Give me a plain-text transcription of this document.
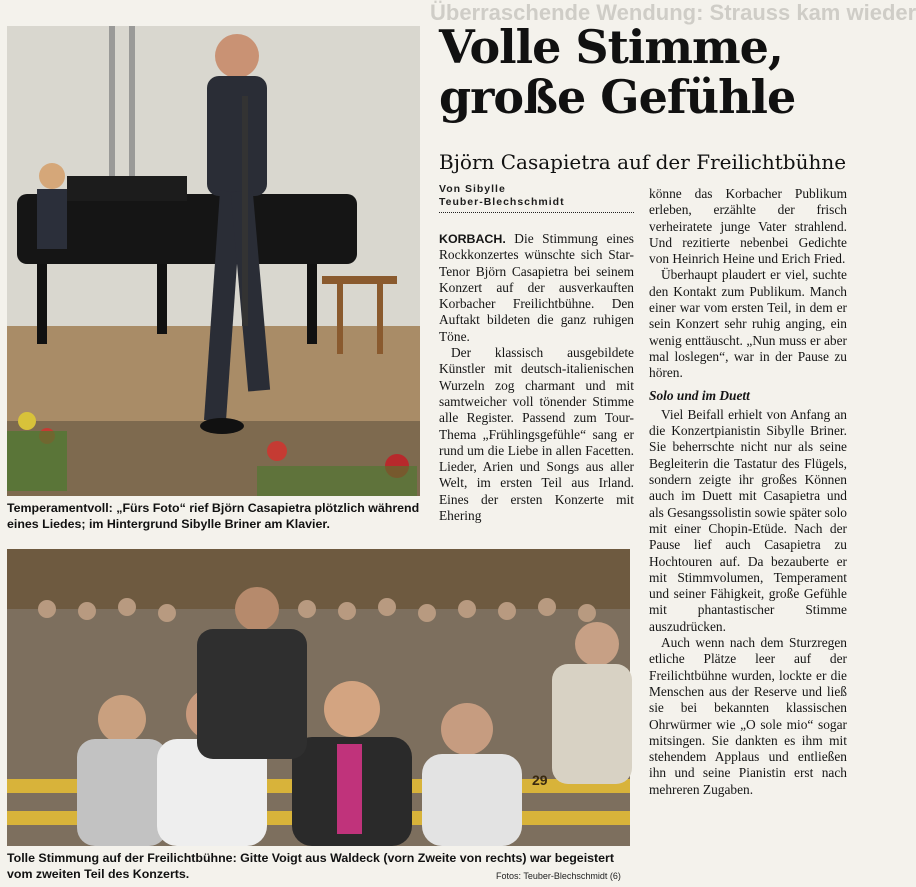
Überraschende Wendung: Strauss kam wieder
Temperamentvoll: „Fürs Foto“ rief Björn Casapietra plötzlich während eines Liedes; im Hintergrund Sibylle Briner am Klavier.
Volle Stimme,
große Gefühle
Björn Casapietra auf der Freilichtbühne
Von Sibylle
Teuber-Blechschmidt

KORBACH. Die Stimmung eines Rockkonzertes wünschte sich Star-Tenor Björn Casapietra bei seinem Konzert auf der ausverkauften Korbacher Freilichtbühne. Den Auftakt bildeten die ganz ruhigen Töne.

Der klassisch ausgebildete Künstler mit deutsch-italienischen Wurzeln zog charmant und mit samtweicher voll tönender Stimme alle Register. Passend zum Tour-Thema „Frühlingsgefühle“ sang er rund um die Liebe in allen Facetten. Lieder, Arien und Songs aus aller Welt, im ersten Teil aus Irland. Eines der ersten Konzerte mit Ehering

könne das Korbacher Publikum erleben, erzählte der frisch verheiratete junge Vater strahlend. Und rezitierte nebenbei Gedichte von Heinrich Heine und Erich Fried.

Überhaupt plaudert er viel, suchte den Kontakt zum Publikum. Manch einer war vom ersten Teil, in dem er sein Konzert sehr ruhig anging, ein wenig enttäuscht. „Nun muss er aber mal loslegen“, war in der Pause zu hören.

Solo und im Duett

Viel Beifall erhielt von Anfang an die Konzertpianistin Sibylle Briner. Sie beherrschte nicht nur als seine Begleiterin die Tastatur des Flügels, sondern zeigte ihr großes Können auch im Duett mit Casapietra und als Gesangssolistin sowie später solo mit einer Chopin-Etüde. Nach der Pause lief auch Casapietra zu Hochtouren auf. Da bezauberte er mit Stimmvolumen, Temperament und seiner Fähigkeit, große Gefühle mit phantastischer Stimme auszudrücken.

Auch wenn nach dem Sturzregen etliche Plätze leer auf der Freilichtbühne wurden, lockte er die Menschen aus der Reserve und ließ sie bei bekannten klassischen Ohrwürmer wie „O sole mio“ sogar mitsingen. Sie dankten es ihm mit stehendem Applaus und entließen ihn und seine Pianistin erst nach mehreren Zugaben.

29
Tolle Stimmung auf der Freilichtbühne: Gitte Voigt aus Waldeck (vorn Zweite von rechts) war begeistert vom zweiten Teil des Konzerts.	Fotos: Teuber-Blechschmidt (6)
